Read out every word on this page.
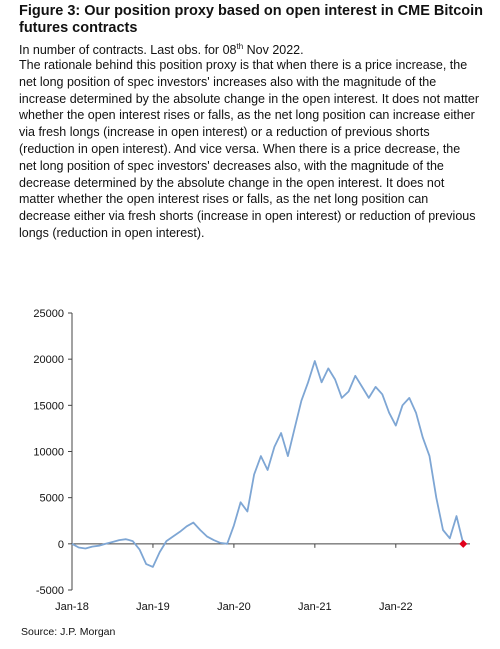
Figure 3: Our position proxy based on open interest in CME Bitcoin futures contracts
In number of contracts. Last obs. for 08th Nov 2022.
The rationale behind this position proxy is that when there is a price increase, the net long position of spec investors' increases also with the magnitude of the increase determined by the absolute change in the open interest. It does not matter whether the open interest rises or falls, as the net long position can increase either via fresh longs (increase in open interest) or a reduction of previous shorts (reduction in open interest). And vice versa. When there is a price decrease, the net long position of spec investors' decreases also, with the magnitude of the decrease determined by the absolute change in the open interest. It does not matter whether the open interest rises or falls, as the net long position can decrease either via fresh shorts (increase in open interest) or reduction of previous longs (reduction in open interest).
25000
20000
15000
10000
5000
0
-5000
Jan-18	Jan-19	Jan-20	Jan-21	Jan-22
Source: J.P. Morgan
